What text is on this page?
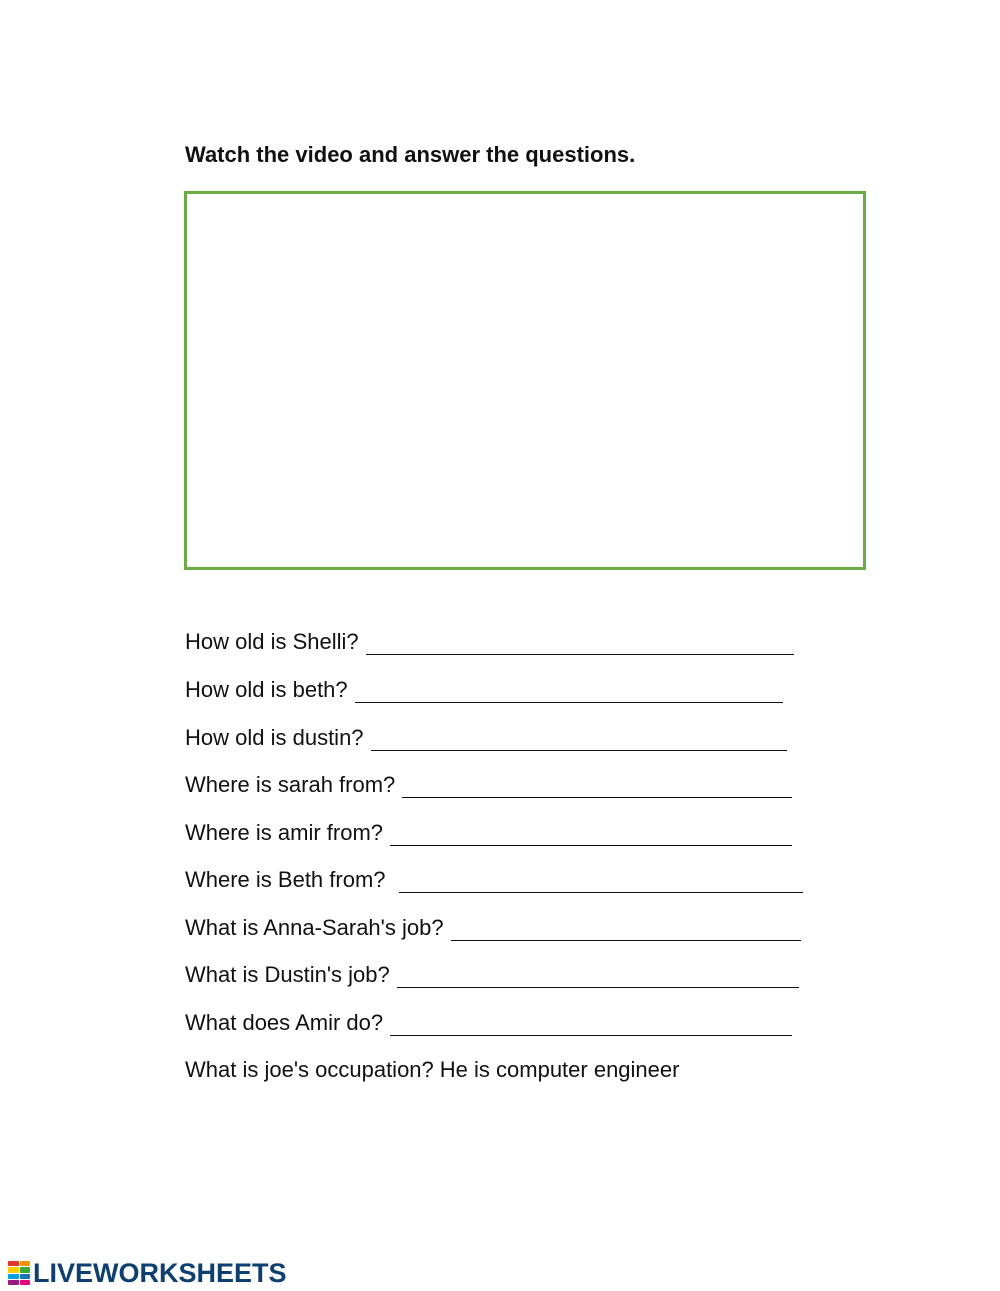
Watch the video and answer the questions.
How old is Shelli?
How old is beth?
How old is dustin?
Where is sarah from?
Where is amir from?
Where is Beth from?
What is Anna-Sarah's job?
What is Dustin's job?
What does Amir do?
What is joe's occupation? He is computer engineer
LIVEWORKSHEETS
